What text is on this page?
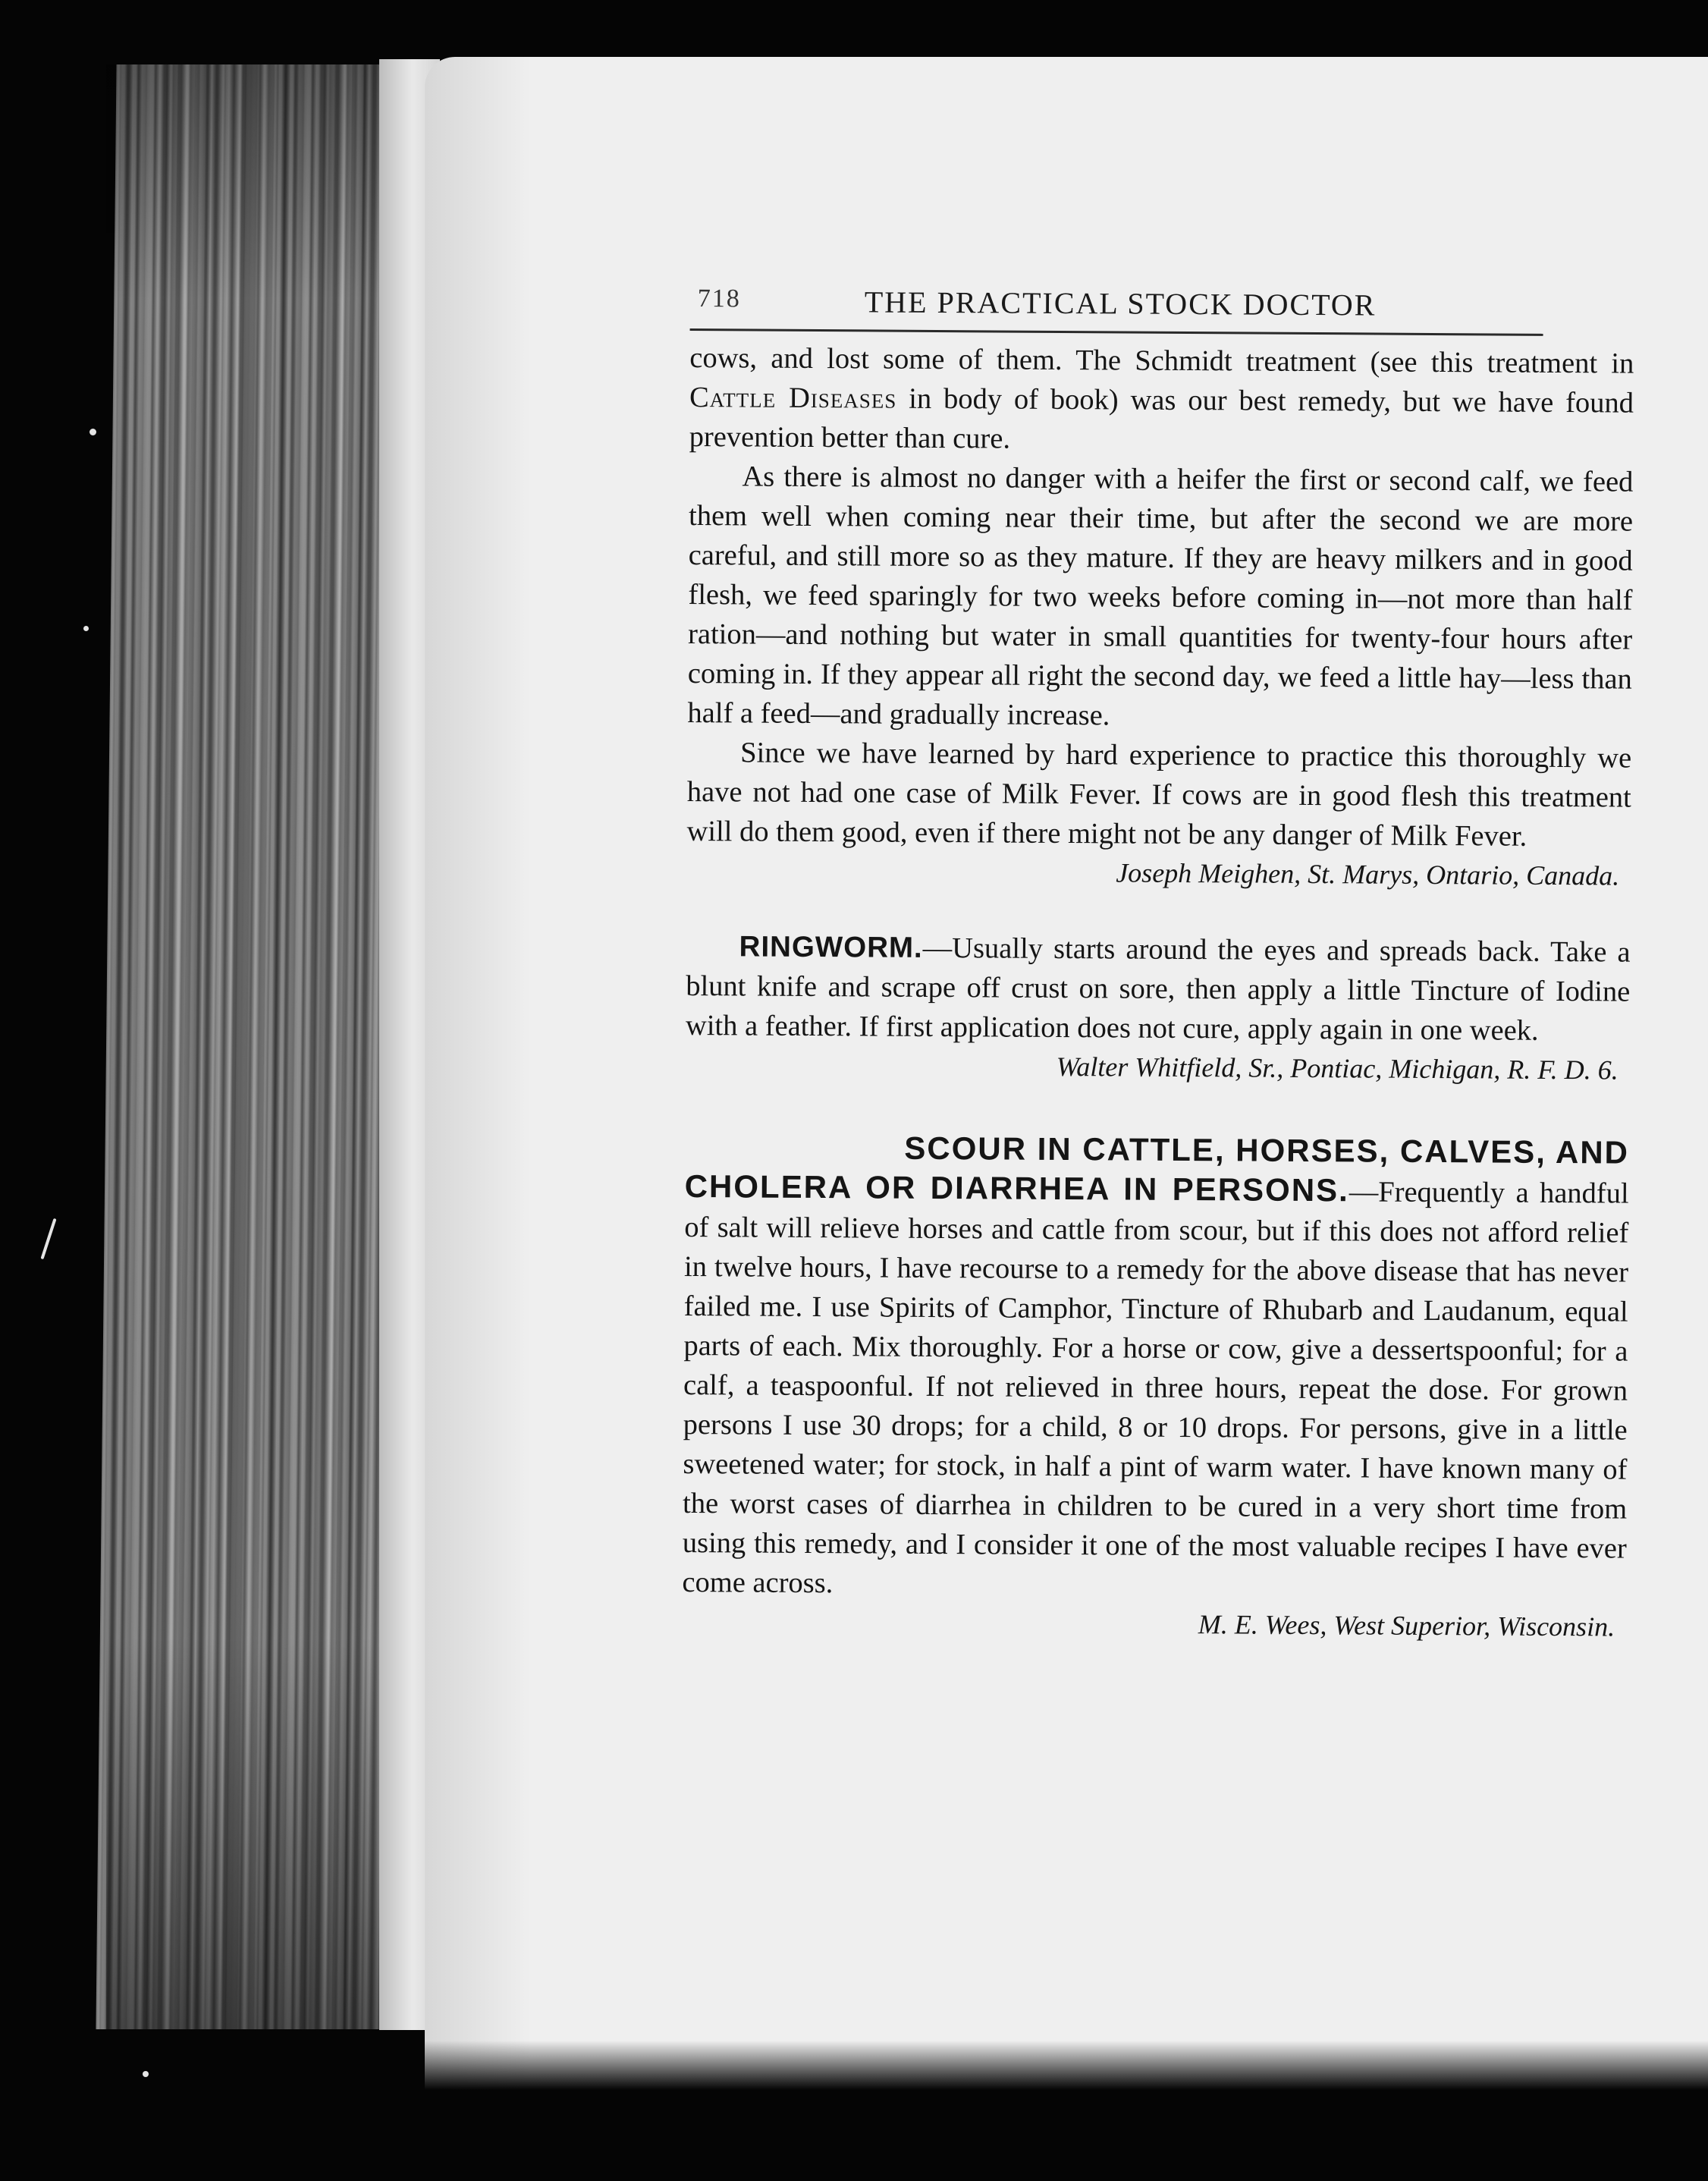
718	THE PRACTICAL STOCK DOCTOR

cows, and lost some of them. The Schmidt treatment (see this treatment in Cattle Diseases in body of book) was our best remedy, but we have found prevention better than cure.

As there is almost no danger with a heifer the first or second calf, we feed them well when coming near their time, but after the second we are more careful, and still more so as they mature. If they are heavy milkers and in good flesh, we feed sparingly for two weeks before coming in—not more than half ration—and nothing but water in small quantities for twenty-four hours after coming in. If they appear all right the second day, we feed a little hay—less than half a feed—and gradually increase.

Since we have learned by hard experience to practice this thoroughly we have not had one case of Milk Fever. If cows are in good flesh this treatment will do them good, even if there might not be any danger of Milk Fever.

Joseph Meighen, St. Marys, Ontario, Canada.

RINGWORM.—Usually starts around the eyes and spreads back. Take a blunt knife and scrape off crust on sore, then apply a little Tincture of Iodine with a feather. If first application does not cure, apply again in one week.

Walter Whitfield, Sr., Pontiac, Michigan, R. F. D. 6.

SCOUR IN CATTLE, HORSES, CALVES, AND

CHOLERA OR DIARRHEA IN PERSONS.—Frequently a handful of salt will relieve horses and cattle from scour, but if this does not afford relief in twelve hours, I have recourse to a remedy for the above disease that has never failed me. I use Spirits of Camphor, Tincture of Rhubarb and Laudanum, equal parts of each. Mix thoroughly. For a horse or cow, give a dessertspoonful; for a calf, a teaspoonful. If not relieved in three hours, repeat the dose. For grown persons I use 30 drops; for a child, 8 or 10 drops. For persons, give in a little sweetened water; for stock, in half a pint of warm water. I have known many of the worst cases of diarrhea in children to be cured in a very short time from using this remedy, and I consider it one of the most valuable recipes I have ever come across.

M. E. Wees, West Superior, Wisconsin.
